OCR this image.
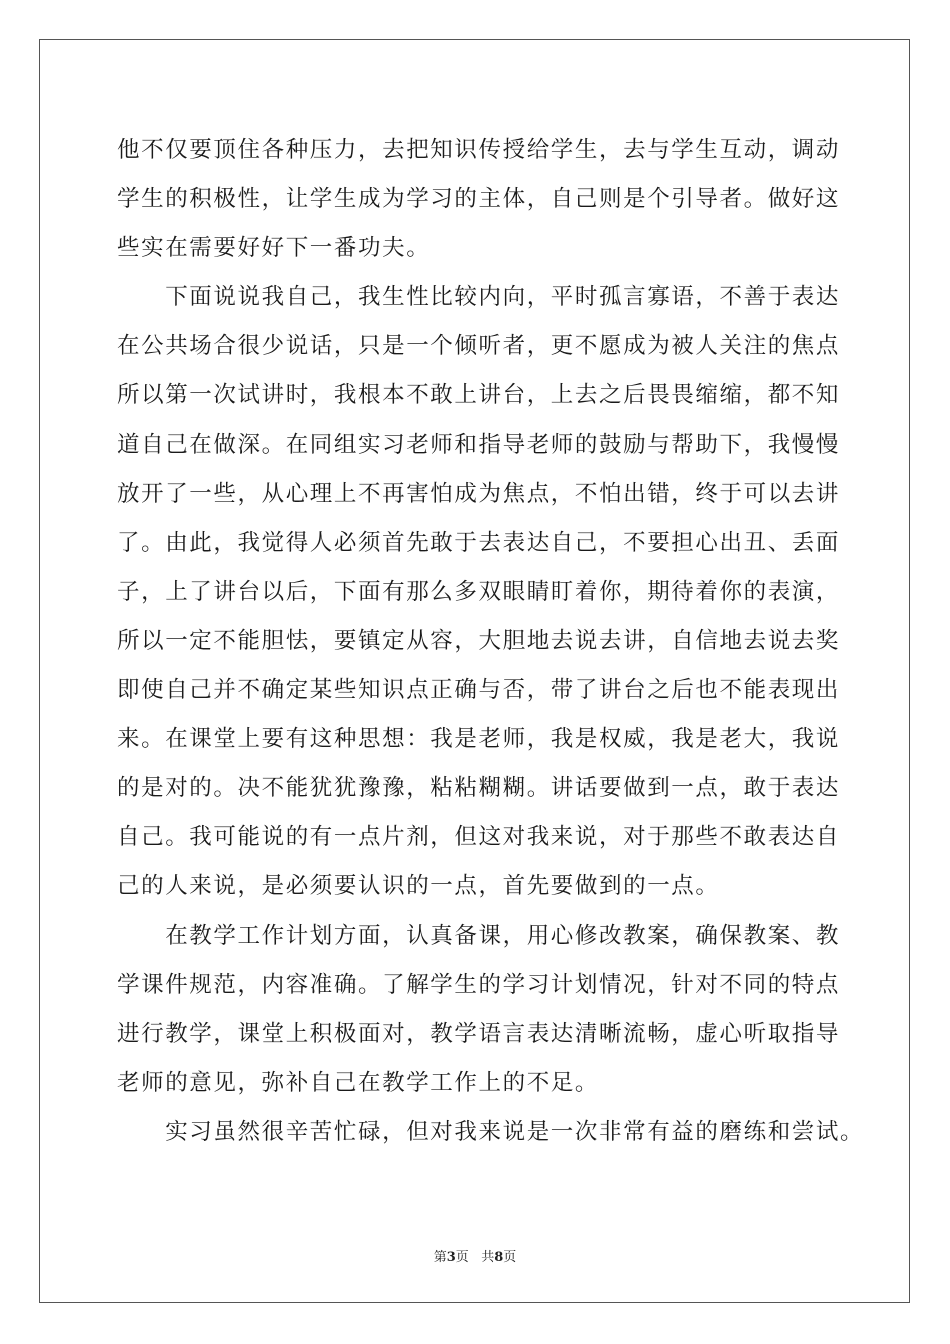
他不仅要顶住各种压力，去把知识传授给学生，去与学生互动，调动
学生的积极性，让学生成为学习的主体，自己则是个引导者。做好这
些实在需要好好下一番功夫。
　　下面说说我自己，我生性比较内向，平时孤言寡语，不善于表达
在公共场合很少说话，只是一个倾听者，更不愿成为被人关注的焦点
所以第一次试讲时，我根本不敢上讲台，上去之后畏畏缩缩，都不知
道自己在做深。在同组实习老师和指导老师的鼓励与帮助下，我慢慢
放开了一些，从心理上不再害怕成为焦点，不怕出错，终于可以去讲
了。由此，我觉得人必须首先敢于去表达自己，不要担心出丑、丢面
子，上了讲台以后，下面有那么多双眼睛盯着你，期待着你的表演，
所以一定不能胆怯，要镇定从容，大胆地去说去讲，自信地去说去奖
即使自己并不确定某些知识点正确与否，带了讲台之后也不能表现出
来。在课堂上要有这种思想：我是老师，我是权威，我是老大，我说
的是对的。决不能犹犹豫豫，粘粘糊糊。讲话要做到一点，敢于表达
自己。我可能说的有一点片剂，但这对我来说，对于那些不敢表达自
己的人来说，是必须要认识的一点，首先要做到的一点。
　　在教学工作计划方面，认真备课，用心修改教案，确保教案、教
学课件规范，内容准确。了解学生的学习计划情况，针对不同的特点
进行教学，课堂上积极面对，教学语言表达清晰流畅，虚心听取指导
老师的意见，弥补自己在教学工作上的不足。
　　实习虽然很辛苦忙碌，但对我来说是一次非常有益的磨练和尝试。
第3页 共8页
